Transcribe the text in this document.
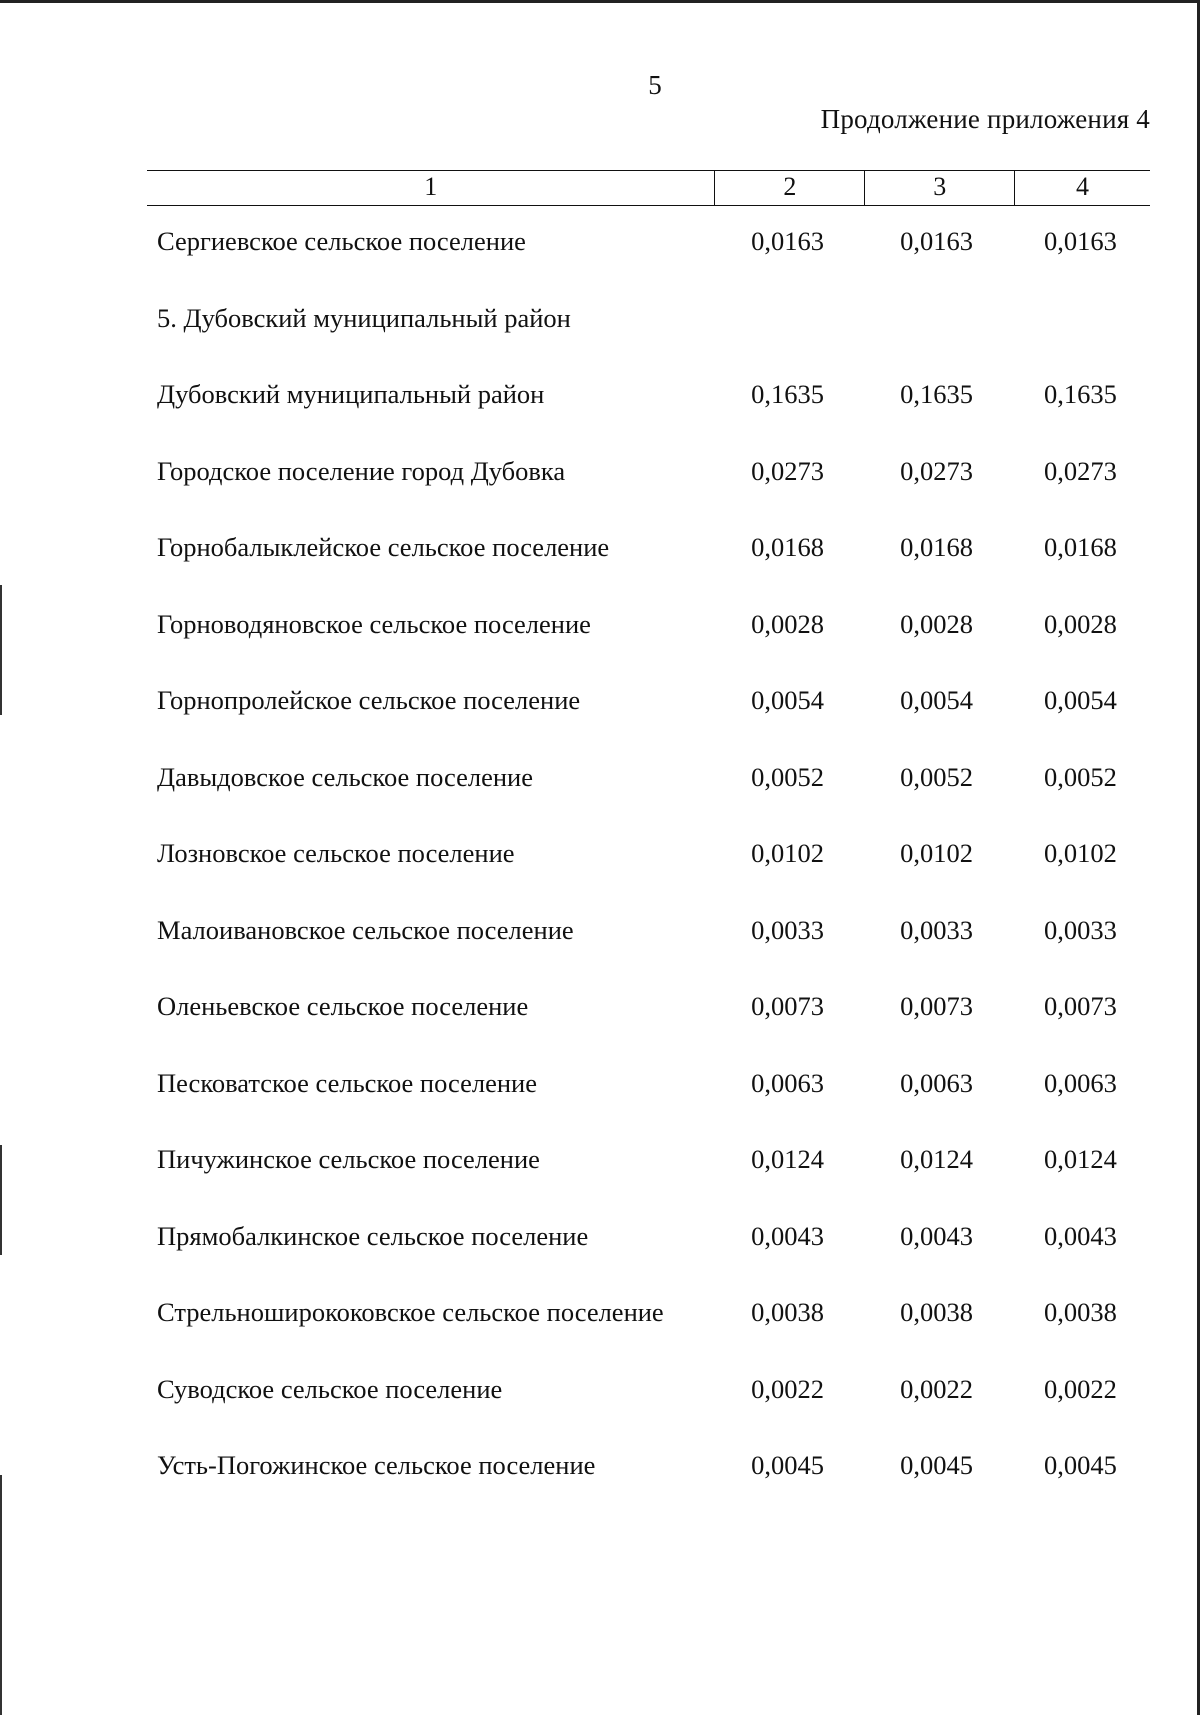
5
Продолжение приложения 4
1	2	3	4
Сергиевское сельское поселение	0,0163	0,0163	0,0163
5. Дубовский муниципальный район
Дубовский муниципальный район	0,1635	0,1635	0,1635
Городское поселение город Дубовка	0,0273	0,0273	0,0273
Горнобалыклейское сельское поселение	0,0168	0,0168	0,0168
Горноводяновское сельское поселение	0,0028	0,0028	0,0028
Горнопролейское сельское поселение	0,0054	0,0054	0,0054
Давыдовское сельское поселение	0,0052	0,0052	0,0052
Лозновское сельское поселение	0,0102	0,0102	0,0102
Малоивановское сельское поселение	0,0033	0,0033	0,0033
Оленьевское сельское поселение	0,0073	0,0073	0,0073
Песковатское сельское поселение	0,0063	0,0063	0,0063
Пичужинское сельское поселение	0,0124	0,0124	0,0124
Прямобалкинское сельское поселение	0,0043	0,0043	0,0043
Стрельноширококовское сельское поселение	0,0038	0,0038	0,0038
Суводское сельское поселение	0,0022	0,0022	0,0022
Усть-Погожинское сельское поселение	0,0045	0,0045	0,0045
